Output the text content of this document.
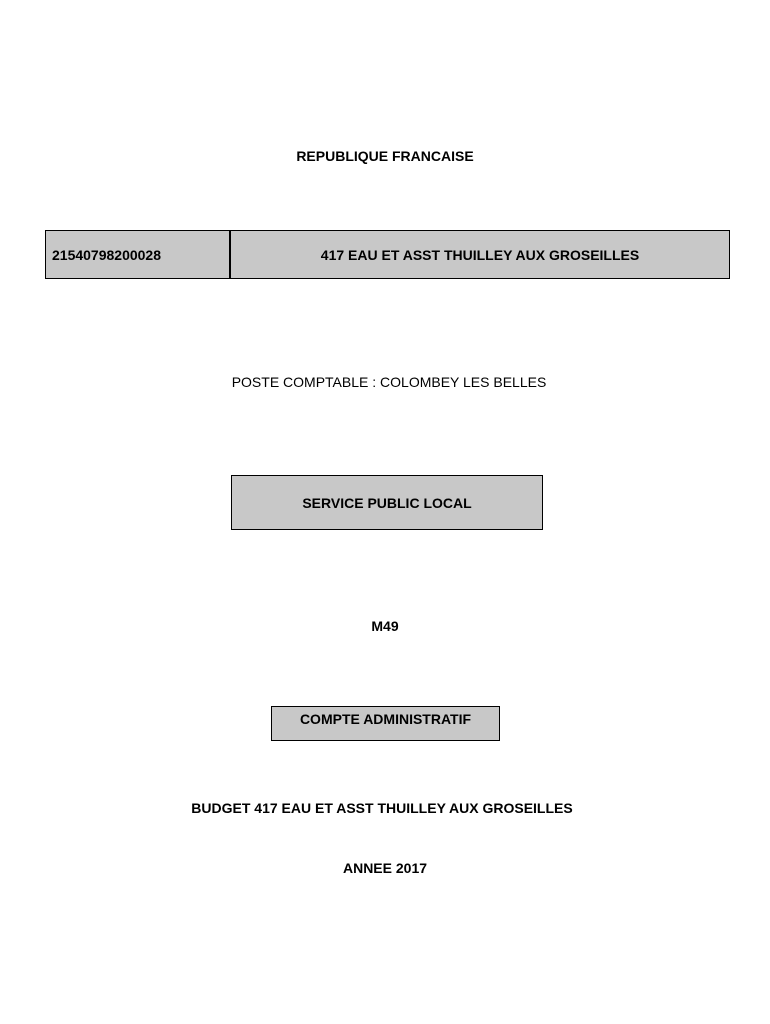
REPUBLIQUE FRANCAISE
21540798200028	417 EAU ET ASST THUILLEY AUX GROSEILLES
POSTE COMPTABLE : COLOMBEY LES BELLES
SERVICE PUBLIC LOCAL
M49
COMPTE ADMINISTRATIF
BUDGET 417 EAU ET ASST THUILLEY AUX GROSEILLES
ANNEE 2017
